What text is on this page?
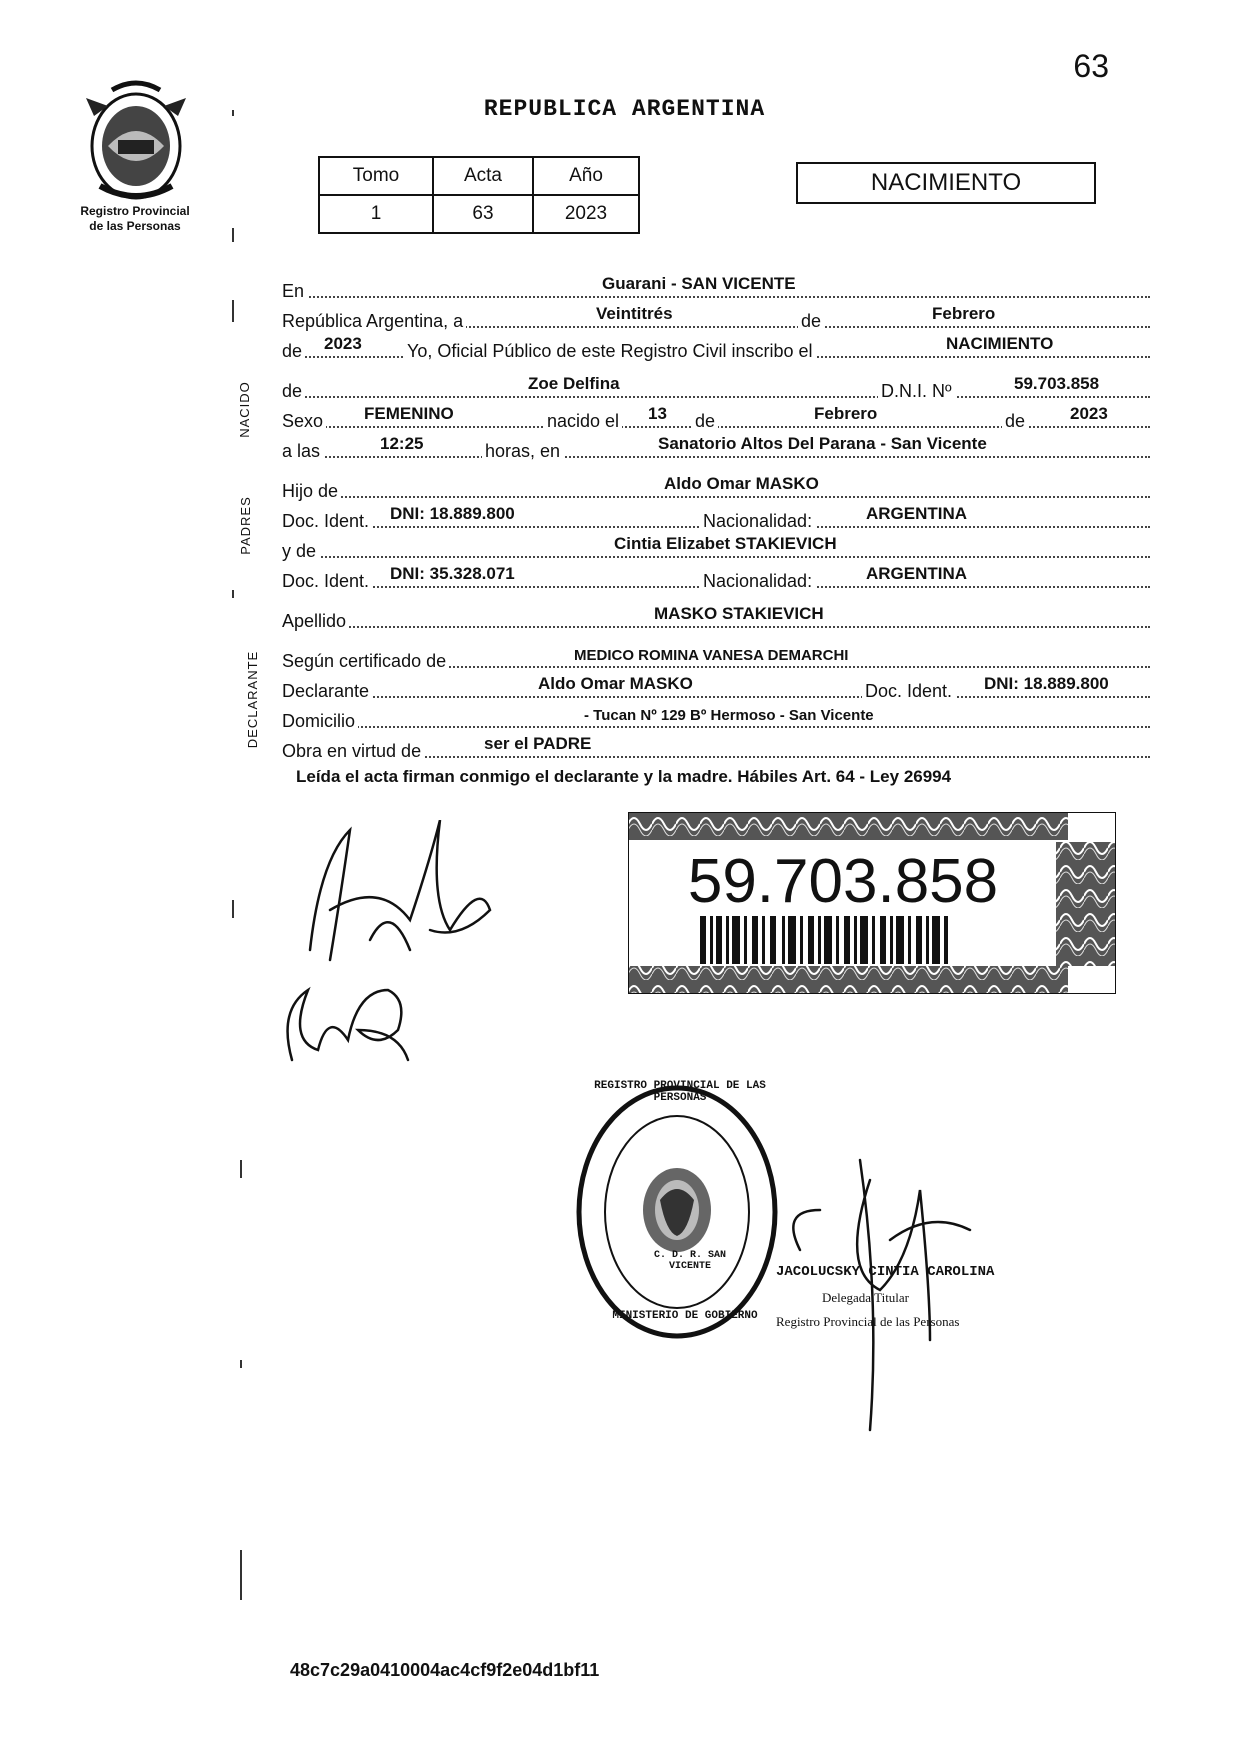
63
Registro Provincial
de las Personas
REPUBLICA ARGENTINA
Tomo	Acta	Año
1	63	2023
NACIMIENTO
NACIDO
PADRES
DECLARANTE
En	Guarani - SAN VICENTE
República Argentina, a	Veintitrés	de	Febrero
de 2023	Yo, Oficial Público de este Registro Civil inscribo el	NACIMIENTO
de	Zoe Delfina	D.N.I. Nº	59.703.858
Sexo FEMENINO	nacido el 13 de	Febrero	de	2023
a las	12:25	horas, en	Sanatorio Altos Del Parana - San Vicente
Hijo de	Aldo Omar MASKO
Doc. Ident. DNI: 18.889.800	Nacionalidad:	ARGENTINA
y de	Cintia Elizabet STAKIEVICH
Doc. Ident. DNI: 35.328.071	Nacionalidad:	ARGENTINA
Apellido	MASKO STAKIEVICH
Según certificado de	MEDICO ROMINA VANESA DEMARCHI
Declarante	Aldo Omar MASKO	Doc. Ident. DNI: 18.889.800
Domicilio	- Tucan Nº 129 Bº Hermoso - San Vicente
Obra en virtud de	ser el PADRE
Leída el acta firman conmigo el declarante y la madre. Hábiles Art. 64 - Ley 26994
59.703.858
REGISTRO PROVINCIAL DE LAS PERSONAS
C. D. R. SAN VICENTE
MINISTERIO DE GOBIERNO
JACOLUCSKY CINTIA CAROLINA
Delegada Titular
Registro Provincial de las Personas
48c7c29a0410004ac4cf9f2e04d1bf11
